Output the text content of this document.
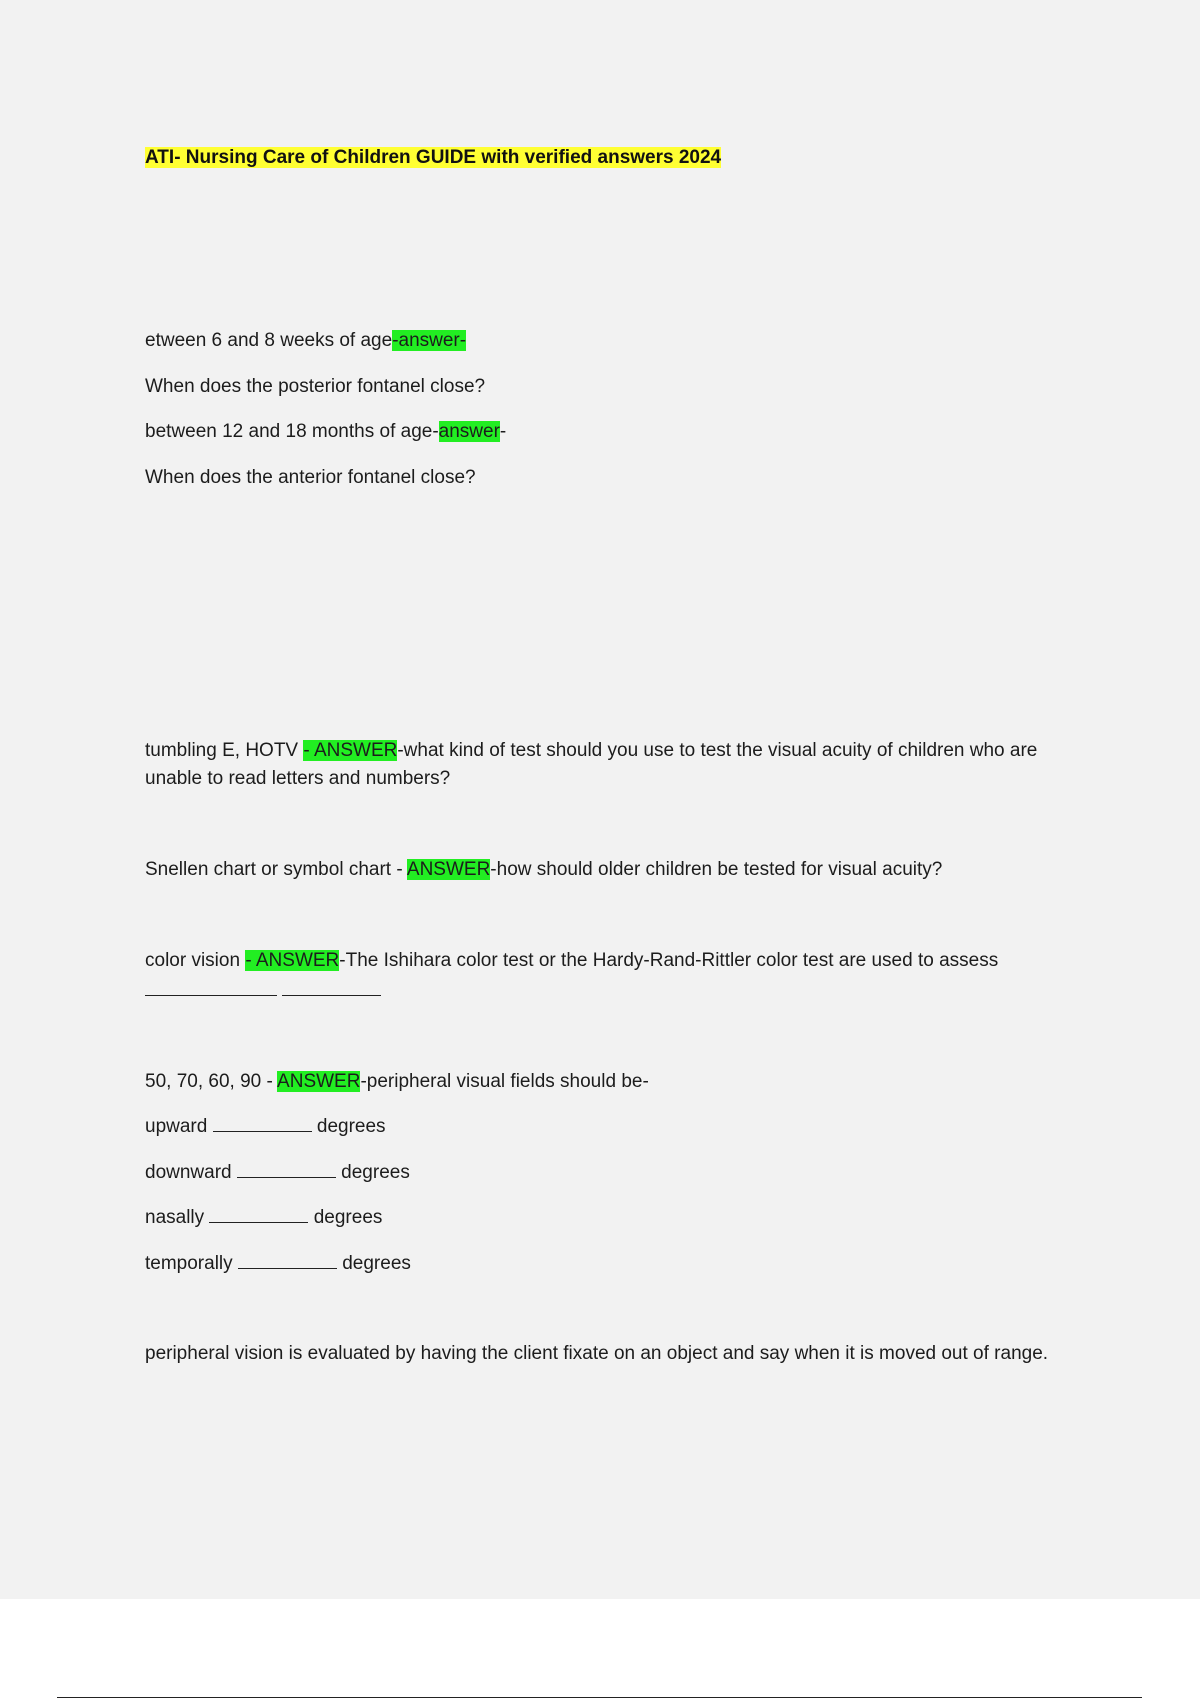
ATI- Nursing Care of Children GUIDE with verified answers 2024

etween 6 and 8 weeks of age-answer-

When does the posterior fontanel close?

between 12 and 18 months of age-answer-

When does the anterior fontanel close?

tumbling E, HOTV - ANSWER-what kind of test should you use to test the visual acuity of children who are unable to read letters and numbers?

Snellen chart or symbol chart - ANSWER-how should older children be tested for visual acuity?

color vision - ANSWER-The Ishihara color test or the Hardy-Rand-Rittler color test are used to assess

50, 70, 60, 90 - ANSWER-peripheral visual fields should be-

upward	degrees

downward	degrees

nasally	degrees

temporally	degrees

peripheral vision is evaluated by having the client fixate on an object and say when it is moved out of range.
